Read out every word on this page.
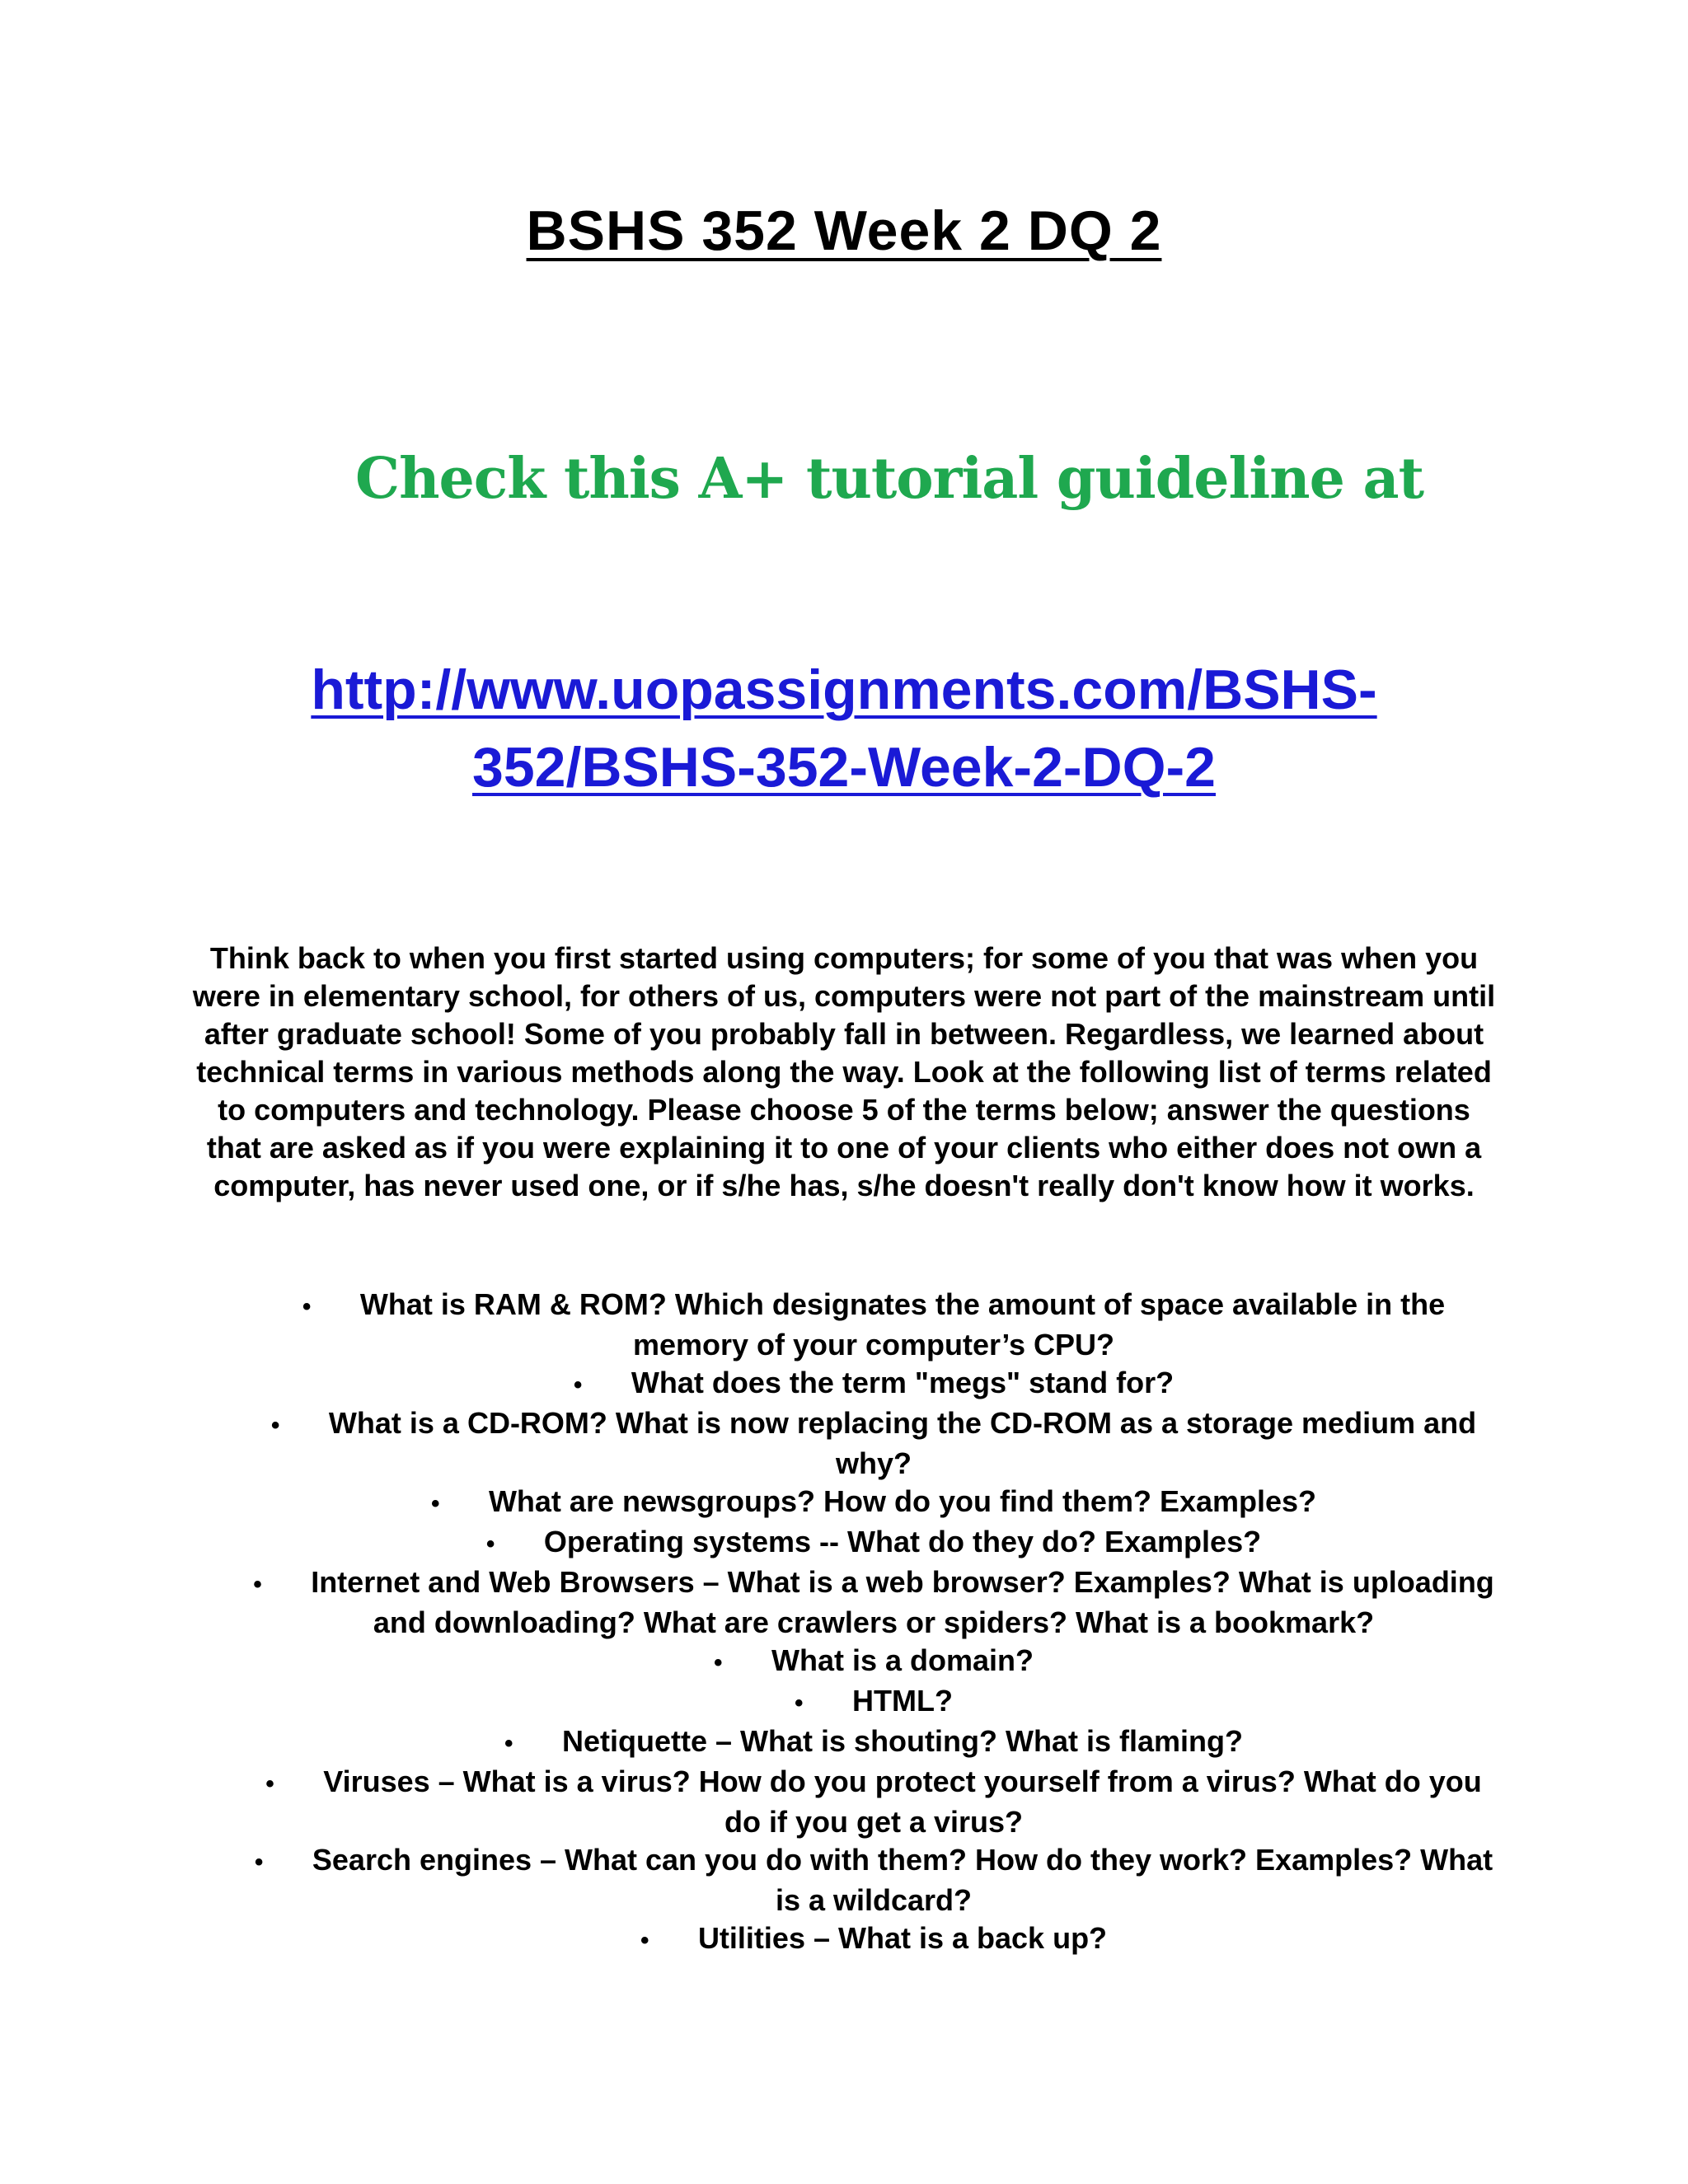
BSHS 352 Week 2 DQ 2
Check this A+ tutorial guideline at
http://www.uopassignments.com/BSHS-
352/BSHS-352-Week-2-DQ-2

Think back to when you first started using computers; for some of you that was when you were in elementary school, for others of us, computers were not part of the mainstream until after graduate school! Some of you probably fall in between. Regardless, we learned about technical terms in various methods along the way. Look at the following list of terms related to computers and technology. Please choose 5 of the terms below; answer the questions that are asked as if you were explaining it to one of your clients who either does not own a computer, has never used one, or if s/he has, s/he doesn't really don't know how it works.

• What is RAM & ROM? Which designates the amount of space available in the memory of your computer’s CPU?
• What does the term "megs" stand for?
• What is a CD-ROM? What is now replacing the CD-ROM as a storage medium and why?
• What are newsgroups? How do you find them? Examples?
• Operating systems -- What do they do? Examples?
• Internet and Web Browsers – What is a web browser? Examples? What is uploading and downloading? What are crawlers or spiders? What is a bookmark?
• What is a domain?
• HTML?
• Netiquette – What is shouting? What is flaming?
• Viruses – What is a virus? How do you protect yourself from a virus? What do you do if you get a virus?
• Search engines – What can you do with them? How do they work? Examples? What is a wildcard?
• Utilities – What is a back up?
